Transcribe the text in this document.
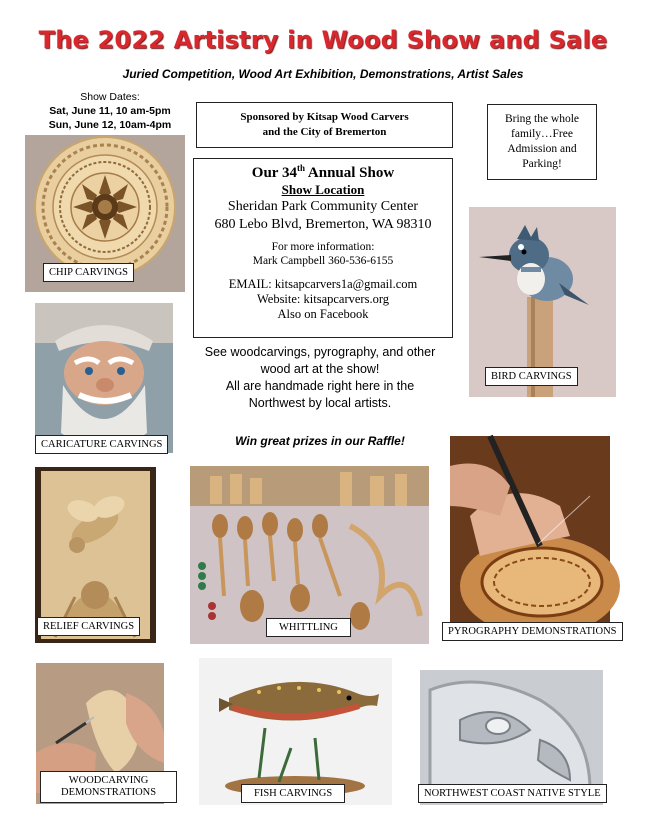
The 2022 Artistry in Wood Show and Sale
Juried Competition, Wood Art Exhibition, Demonstrations, Artist Sales
Show Dates:
Sat, June 11, 10 am-5pm
Sun, June 12, 10am-4pm
Sponsored by Kitsap Wood Carvers
and the City of Bremerton
Bring the whole
family…Free
Admission and
Parking!
Our 34th Annual Show
Show Location
Sheridan Park Community Center
680 Lebo Blvd, Bremerton, WA 98310
For more information:
Mark Campbell 360-536-6155
EMAIL: kitsapcarvers1a@gmail.com
Website: kitsapcarvers.org
Also on Facebook
See woodcarvings, pyrography, and other
wood art at the show!
All are handmade right here in the
Northwest by local artists.
Win great prizes in our Raffle!
CHIP CARVINGS
BIRD CARVINGS
CARICATURE CARVINGS
RELIEF CARVINGS	WHITTLING	PYROGRAPHY DEMONSTRATIONS
WOODCARVING
DEMONSTRATIONS	FISH CARVINGS	NORTHWEST COAST NATIVE STYLE
